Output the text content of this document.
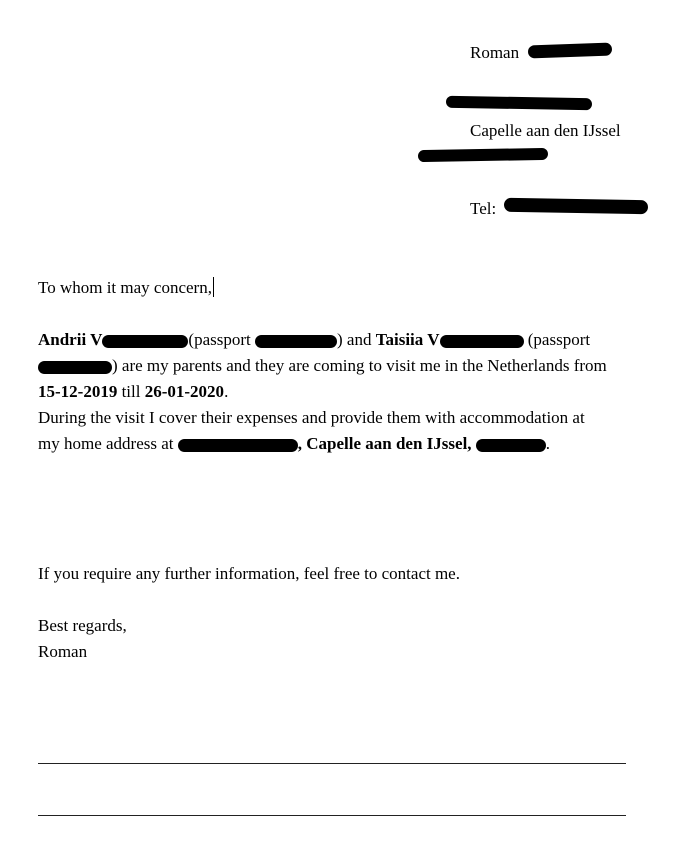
Roman
Capelle aan den IJssel
Tel:
To whom it may concern,
Andrii V	(passport	) and Taisiia V	(passport
) are my parents and they are coming to visit me in the Netherlands from
15-12-2019 till 26-01-2020.
During the visit I cover their expenses and provide them with accommodation at
my home address at	, Capelle aan den IJssel,	.
If you require any further information, feel free to contact me.
Best regards,
Roman
